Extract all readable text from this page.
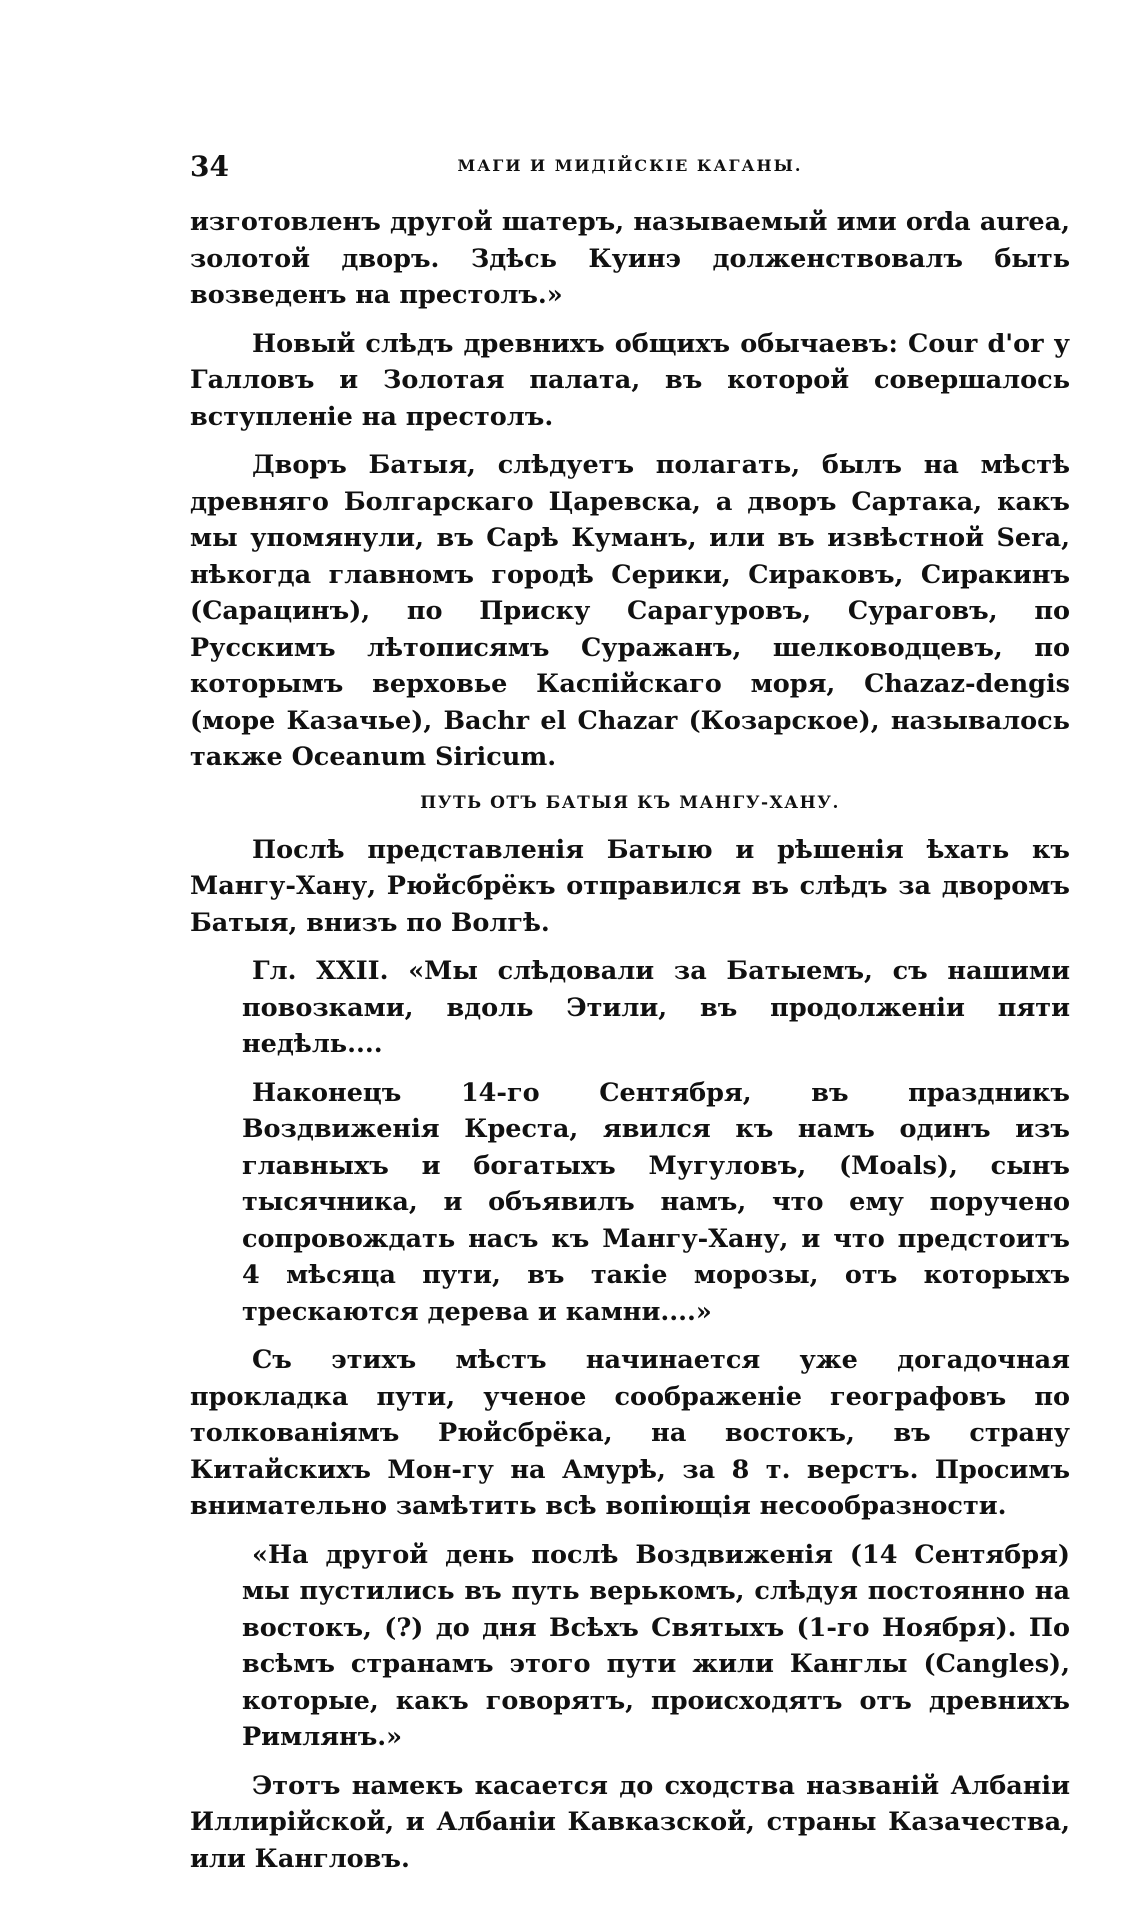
34	МАГИ И МИДІЙСКІЕ КАГАНЫ.

изготовленъ другой шатеръ, называемый ими orda aurea, золотой дворъ. Здѣсь Куинэ долженствовалъ быть возведенъ на престолъ.»

Новый слѣдъ древнихъ общихъ обычаевъ: Cour d'or у Галловъ и Золотая палата, въ которой совершалось вступленіе на престолъ.

Дворъ Батыя, слѣдуетъ полагать, былъ на мѣстѣ древняго Болгарскаго Царевска, а дворъ Сартака, какъ мы упомянули, въ Сарѣ Куманъ, или въ извѣстной Sera, нѣкогда главномъ городѣ Серики, Сираковъ, Сиракинъ (Сарацинъ), по Приску Сарагуровъ, Сураговъ, по Русскимъ лѣтописямъ Суражанъ, шелководцевъ, по которымъ верховье Каспійскаго моря, Chazaz-dengis (море Казачье), Bachr el Chazar (Козарское), называлось также Oceanum Siricum.

ПУТЬ ОТЪ БАТЫЯ КЪ МАНГУ-ХАНУ.

Послѣ представленія Батыю и рѣшенія ѣхать къ Мангу-Хану, Рюйсбрёкъ отправился въ слѣдъ за дворомъ Батыя, внизъ по Волгѣ.

Гл. XXII. «Мы слѣдовали за Батыемъ, съ нашими повозками, вдоль Этили, въ продолженіи пяти недѣль....

Наконецъ 14-го Сентября, въ праздникъ Воздвиженія Креста, явился къ намъ одинъ изъ главныхъ и богатыхъ Мугуловъ, (Moals), сынъ тысячника, и объявилъ намъ, что ему поручено сопровождать насъ къ Мангу-Хану, и что предстоитъ 4 мѣсяца пути, въ такіе морозы, отъ которыхъ трескаются дерева и камни....»

Съ этихъ мѣстъ начинается уже догадочная прокладка пути, ученое соображеніе географовъ по толкованіямъ Рюйсбрёка, на востокъ, въ страну Китайскихъ Мон-гу на Амурѣ, за 8 т. верстъ. Просимъ внимательно замѣтить всѣ вопіющія несообразности.

«На другой день послѣ Воздвиженія (14 Сентября) мы пустились въ путь верькомъ, слѣдуя постоянно на востокъ, (?) до дня Всѣхъ Святыхъ (1-го Ноября). По всѣмъ странамъ этого пути жили Канглы (Cangles), которые, какъ говорятъ, происходятъ отъ древнихъ Римлянъ.»

Этотъ намекъ касается до сходства названій Албаніи Иллирійской, и Албаніи Кавказской, страны Казачества, или Кангловъ.
